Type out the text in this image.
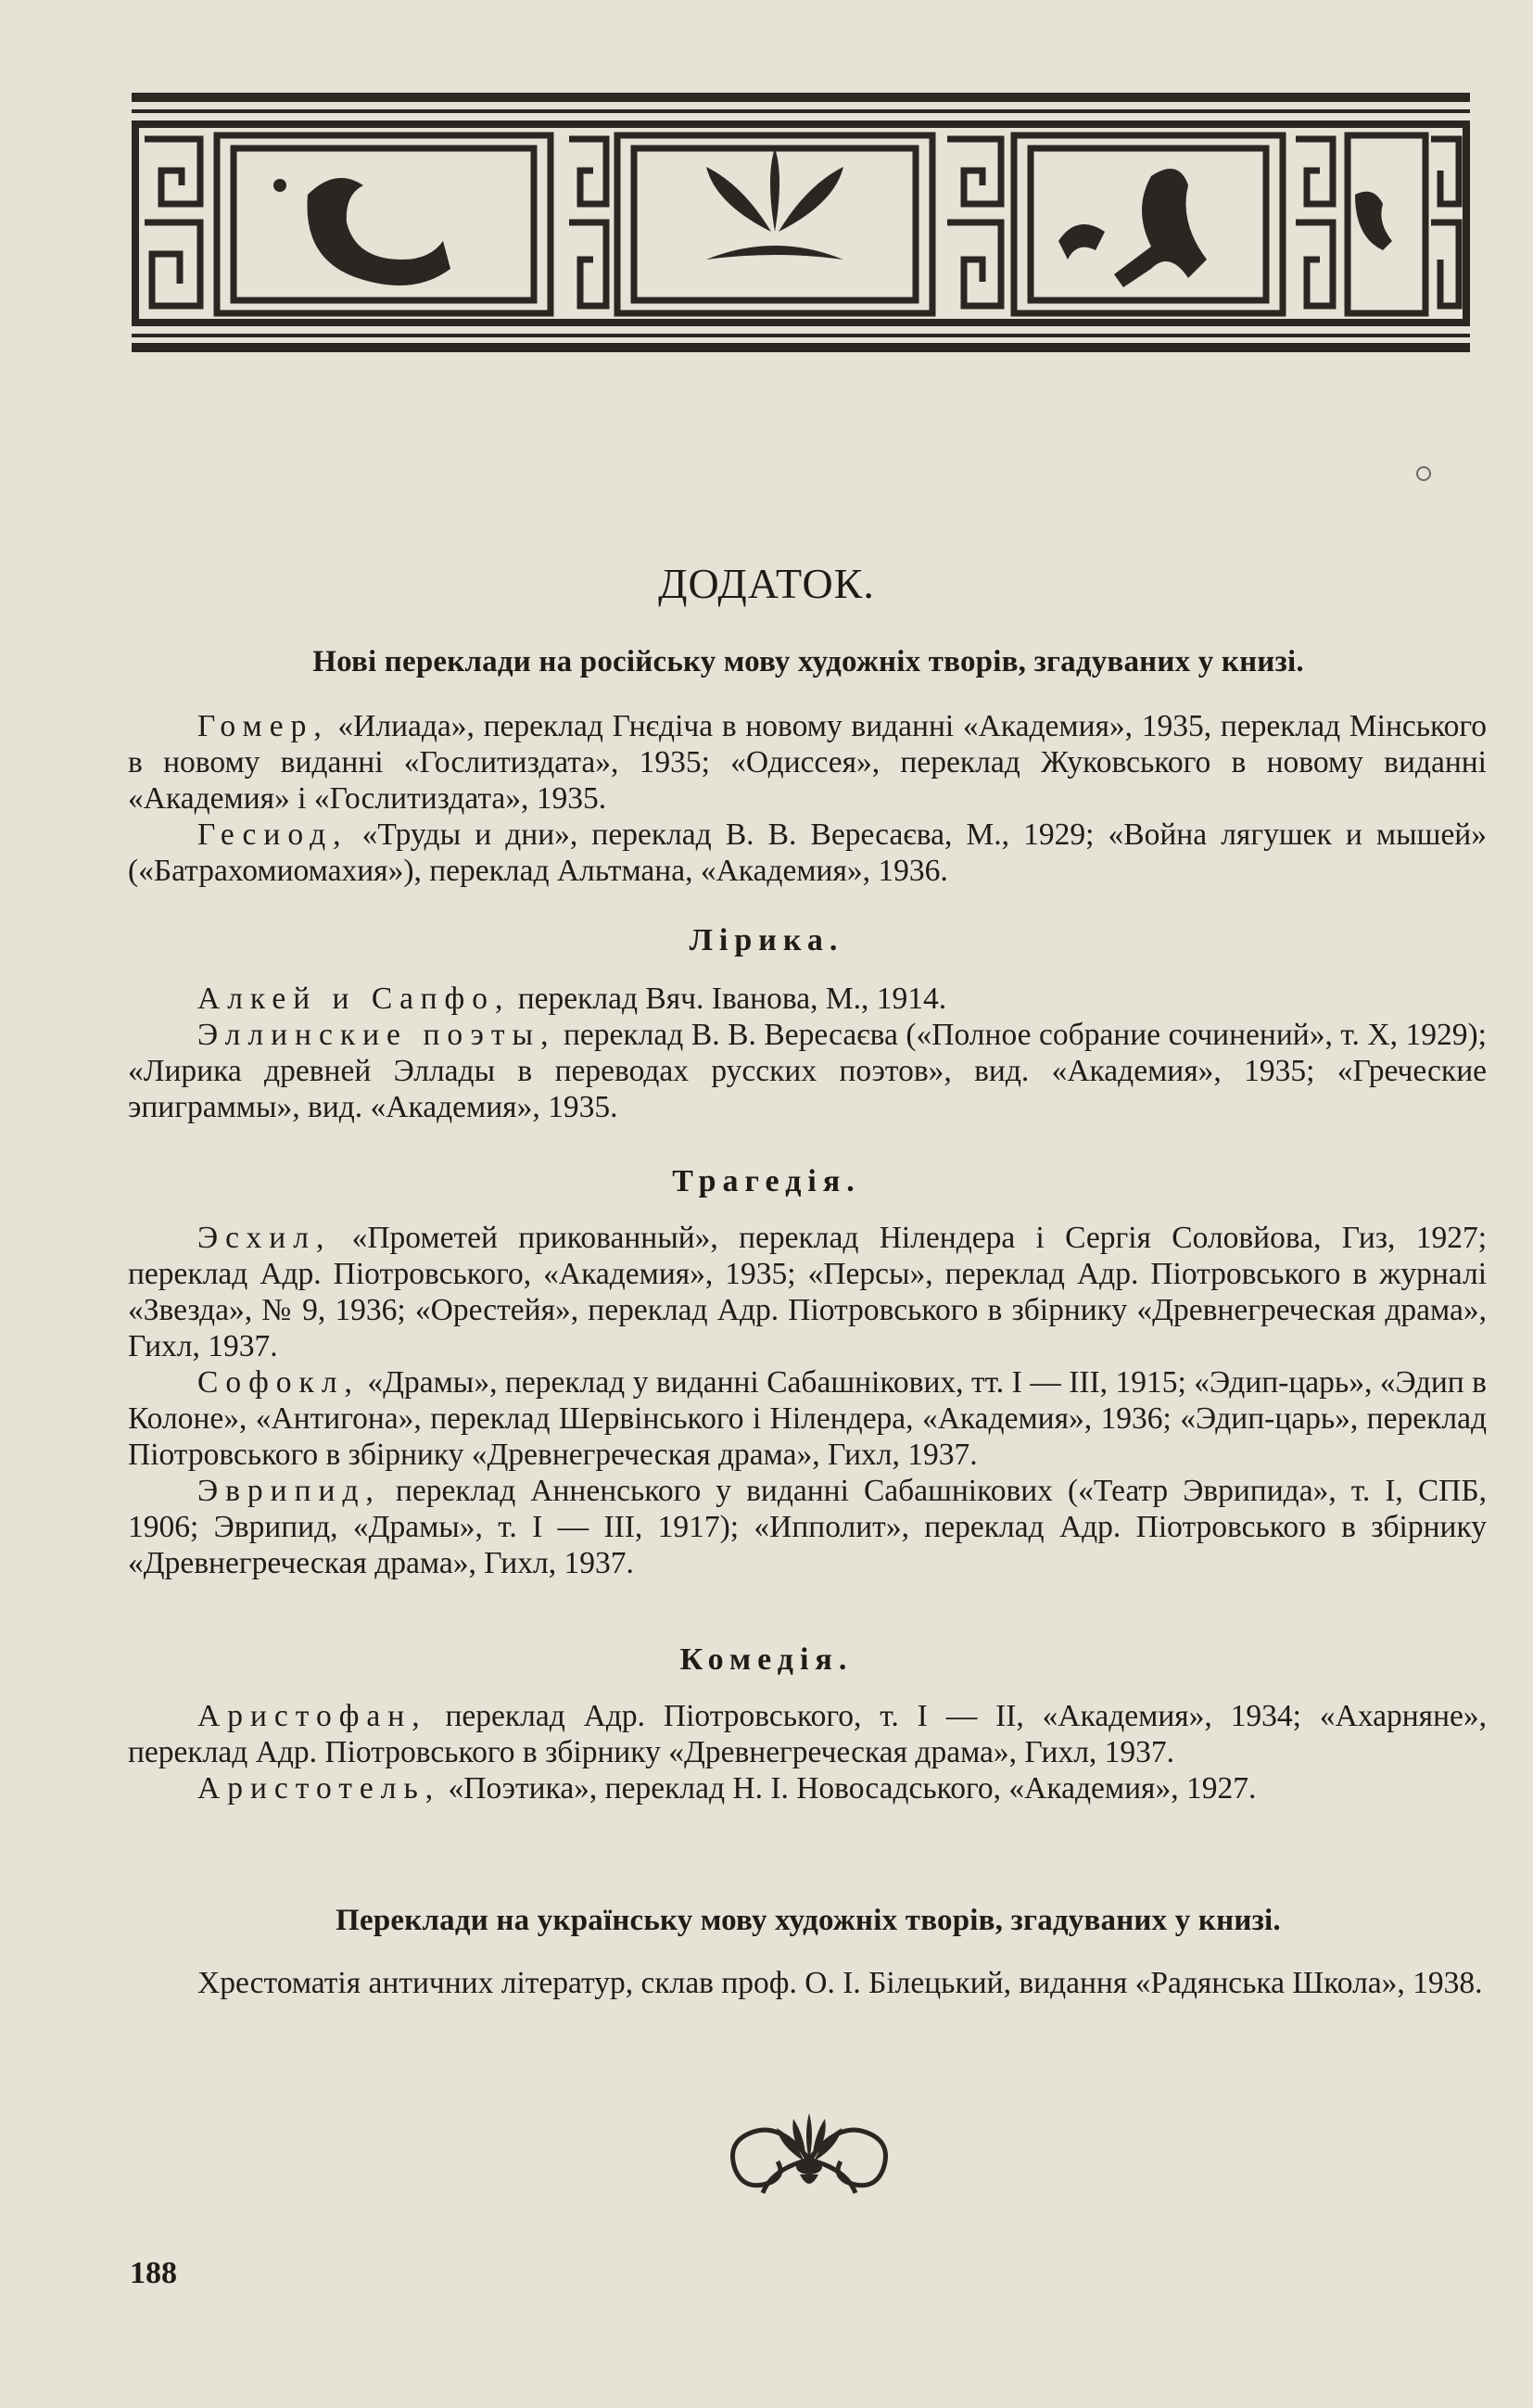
ДОДАТОК.
Нові переклади на російську мову художніх творів, згадуваних у книзі.

Гомер, «Илиада», переклад Гнєдіча в новому виданні «Академия», 1935, переклад Мінського в новому виданні «Гослитиздата», 1935; «Одиссея», переклад Жуковського в новому виданні «Академия» і «Гослитиздата», 1935.

Гесиод, «Труды и дни», переклад В. В. Вересаєва, М., 1929; «Война лягушек и мышей» («Батрахомиомахия»), переклад Альтмана, «Академия», 1936.

Лірика.

Алкей и Сапфо, переклад Вяч. Іванова, М., 1914.

Эллинские поэты, переклад В. В. Вересаєва («Полное собрание сочинений», т. X, 1929); «Лирика древней Эллады в переводах русских поэтов», вид. «Академия», 1935; «Греческие эпиграммы», вид. «Академия», 1935.

Трагедія.

Эсхил, «Прометей прикованный», переклад Нілендера і Сергія Соловйова, Гиз, 1927; переклад Адр. Піотровського, «Академия», 1935; «Персы», переклад Адр. Піотровського в журналі «Звезда», № 9, 1936; «Орестейя», переклад Адр. Піотровського в збірнику «Древнегреческая драма», Гихл, 1937.

Софокл, «Драмы», переклад у виданні Сабашнікових, тт. I — III, 1915; «Эдип-царь», «Эдип в Колоне», «Антигона», переклад Шервінського і Нілендера, «Академия», 1936; «Эдип-царь», переклад Піотровського в збірнику «Древнегреческая драма», Гихл, 1937.

Эврипид, переклад Анненського у виданні Сабашнікових («Театр Эврипида», т. I, СПБ, 1906; Эврипид, «Драмы», т. I — III, 1917); «Ипполит», переклад Адр. Піотровського в збірнику «Древнегреческая драма», Гихл, 1937.

Комедія.

Аристофан, переклад Адр. Піотровського, т. I — II, «Академия», 1934; «Ахарняне», переклад Адр. Піотровського в збірнику «Древнегреческая драма», Гихл, 1937.

Аристотель, «Поэтика», переклад Н. І. Новосадського, «Академия», 1927.

Переклади на українську мову художніх творів, згадуваних у книзі.

Хрестоматія античних літератур, склав проф. О. І. Білецький, видання «Радянська Школа», 1938.

188
